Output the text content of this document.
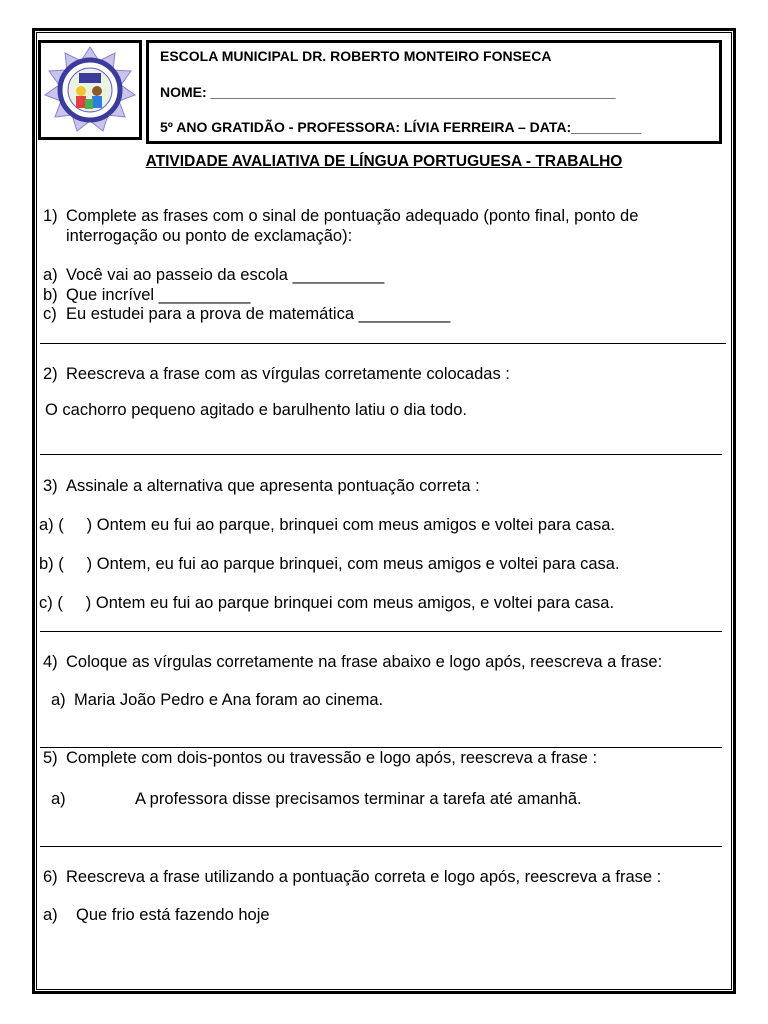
ESCOLA MUNICIPAL DR. ROBERTO MONTEIRO FONSECA
NOME: ____________________________________________________
5º ANO GRATIDÃO - PROFESSORA: LÍVIA FERREIRA – DATA:_________
ATIVIDADE AVALIATIVA DE LÍNGUA PORTUGUESA - TRABALHO
1) Complete as frases com o sinal de pontuação adequado (ponto final, ponto de
interrogação ou ponto de exclamação):
a) Você vai ao passeio da escola __________
b) Que incrível __________
c) Eu estudei para a prova de matemática __________
2) Reescreva a frase com as vírgulas corretamente colocadas :
O cachorro pequeno agitado e barulhento latiu o dia todo.
3) Assinale a alternativa que apresenta pontuação correta :
a) (     ) Ontem eu fui ao parque, brinquei com meus amigos e voltei para casa.
b) (     ) Ontem, eu fui ao parque brinquei, com meus amigos e voltei para casa.
c) (     ) Ontem eu fui ao parque brinquei com meus amigos, e voltei para casa.
4) Coloque as vírgulas corretamente na frase abaixo e logo após, reescreva a frase:
a) Maria João Pedro e Ana foram ao cinema.
5) Complete com dois-pontos ou travessão e logo após, reescreva a frase :
a)	A professora disse precisamos terminar a tarefa até amanhã.
6) Reescreva a frase utilizando a pontuação correta e logo após, reescreva a frase :
a) Que frio está fazendo hoje
